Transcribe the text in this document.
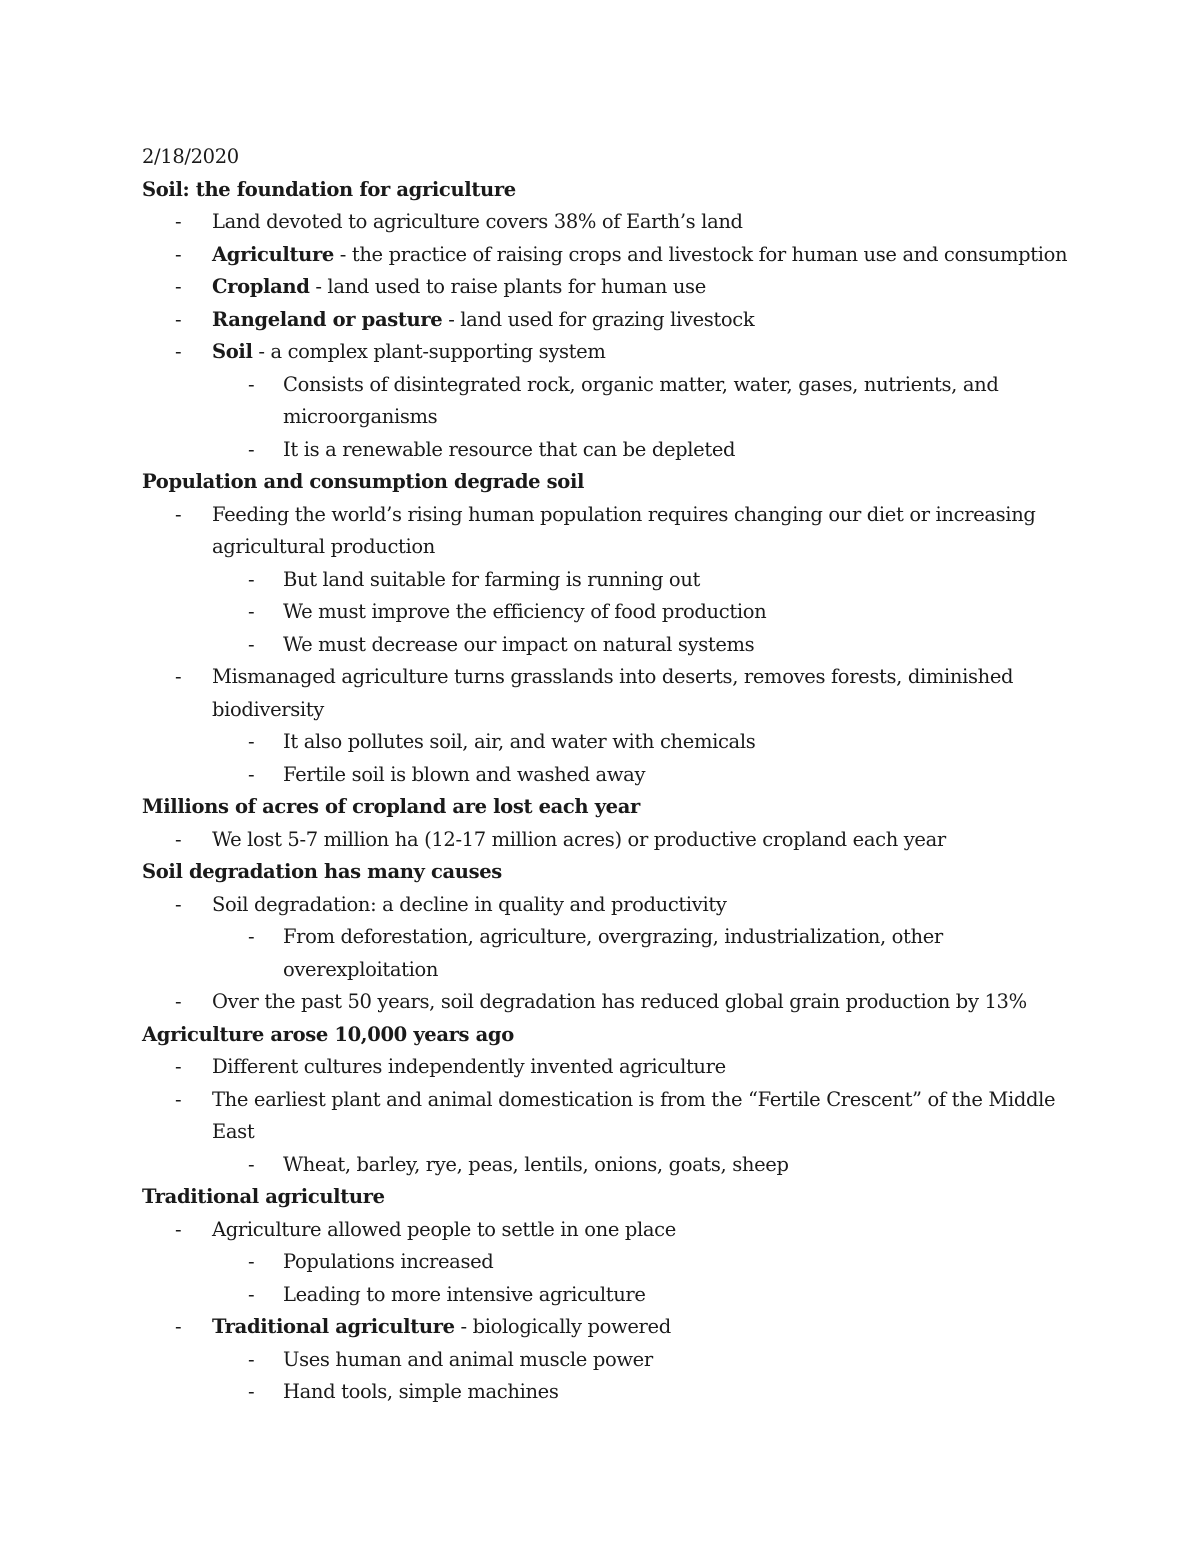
2/18/2020
Soil: the foundation for agriculture
- Land devoted to agriculture covers 38% of Earth’s land
- Agriculture - the practice of raising crops and livestock for human use and consumption
- Cropland - land used to raise plants for human use
- Rangeland or pasture - land used for grazing livestock
- Soil - a complex plant-supporting system
- Consists of disintegrated rock, organic matter, water, gases, nutrients, and
microorganisms
- It is a renewable resource that can be depleted
Population and consumption degrade soil
- Feeding the world’s rising human population requires changing our diet or increasing
agricultural production
- But land suitable for farming is running out
- We must improve the efficiency of food production
- We must decrease our impact on natural systems
- Mismanaged agriculture turns grasslands into deserts, removes forests, diminished
biodiversity
- It also pollutes soil, air, and water with chemicals
- Fertile soil is blown and washed away
Millions of acres of cropland are lost each year
- We lost 5-7 million ha (12-17 million acres) or productive cropland each year
Soil degradation has many causes
- Soil degradation: a decline in quality and productivity
- From deforestation, agriculture, overgrazing, industrialization, other
overexploitation
- Over the past 50 years, soil degradation has reduced global grain production by 13%
Agriculture arose 10,000 years ago
- Different cultures independently invented agriculture
- The earliest plant and animal domestication is from the “Fertile Crescent” of the Middle
East
- Wheat, barley, rye, peas, lentils, onions, goats, sheep
Traditional agriculture
- Agriculture allowed people to settle in one place
- Populations increased
- Leading to more intensive agriculture
- Traditional agriculture - biologically powered
- Uses human and animal muscle power
- Hand tools, simple machines
